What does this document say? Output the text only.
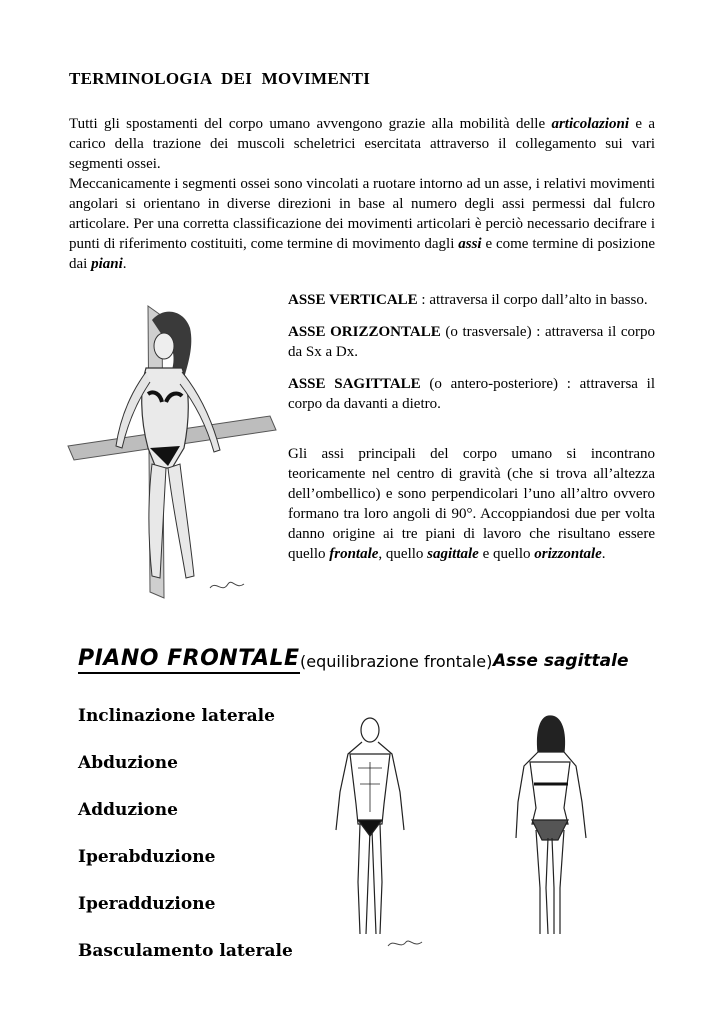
TERMINOLOGIA DEI MOVIMENTI

Tutti gli spostamenti del corpo umano avvengono grazie alla mobilità delle articolazioni e a carico della trazione dei muscoli scheletrici esercitata attraverso il collegamento sui vari segmenti ossei.

Meccanicamente i segmenti ossei sono vincolati a ruotare intorno ad un asse, i relativi movimenti angolari si orientano in diverse direzioni in base al numero degli assi permessi dal fulcro articolare. Per una corretta classificazione dei movimenti articolari è perciò necessario decifrare i punti di riferimento costituiti, come termine di movimento dagli assi e come termine di posizione dai piani.

ASSE VERTICALE : attraversa il corpo dall’alto in basso.

ASSE ORIZZONTALE (o trasversale) : attraversa il corpo da Sx a Dx.

ASSE SAGITTALE (o antero-posteriore) : attraversa il corpo da davanti a dietro.

Gli assi principali del corpo umano si incontrano teoricamente nel centro di gravità (che si trova all’altezza dell’ombellico) e sono perpendicolari l’uno all’altro ovvero formano tra loro angoli di 90°. Accoppiandosi due per volta danno origine ai tre piani di lavoro che risultano essere quello frontale, quello sagittale e quello orizzontale.

PIANO FRONTALE (equilibrazione frontale) Asse sagittale
Inclinazione laterale
Abduzione
Adduzione
Iperabduzione
Iperadduzione
Basculamento laterale
